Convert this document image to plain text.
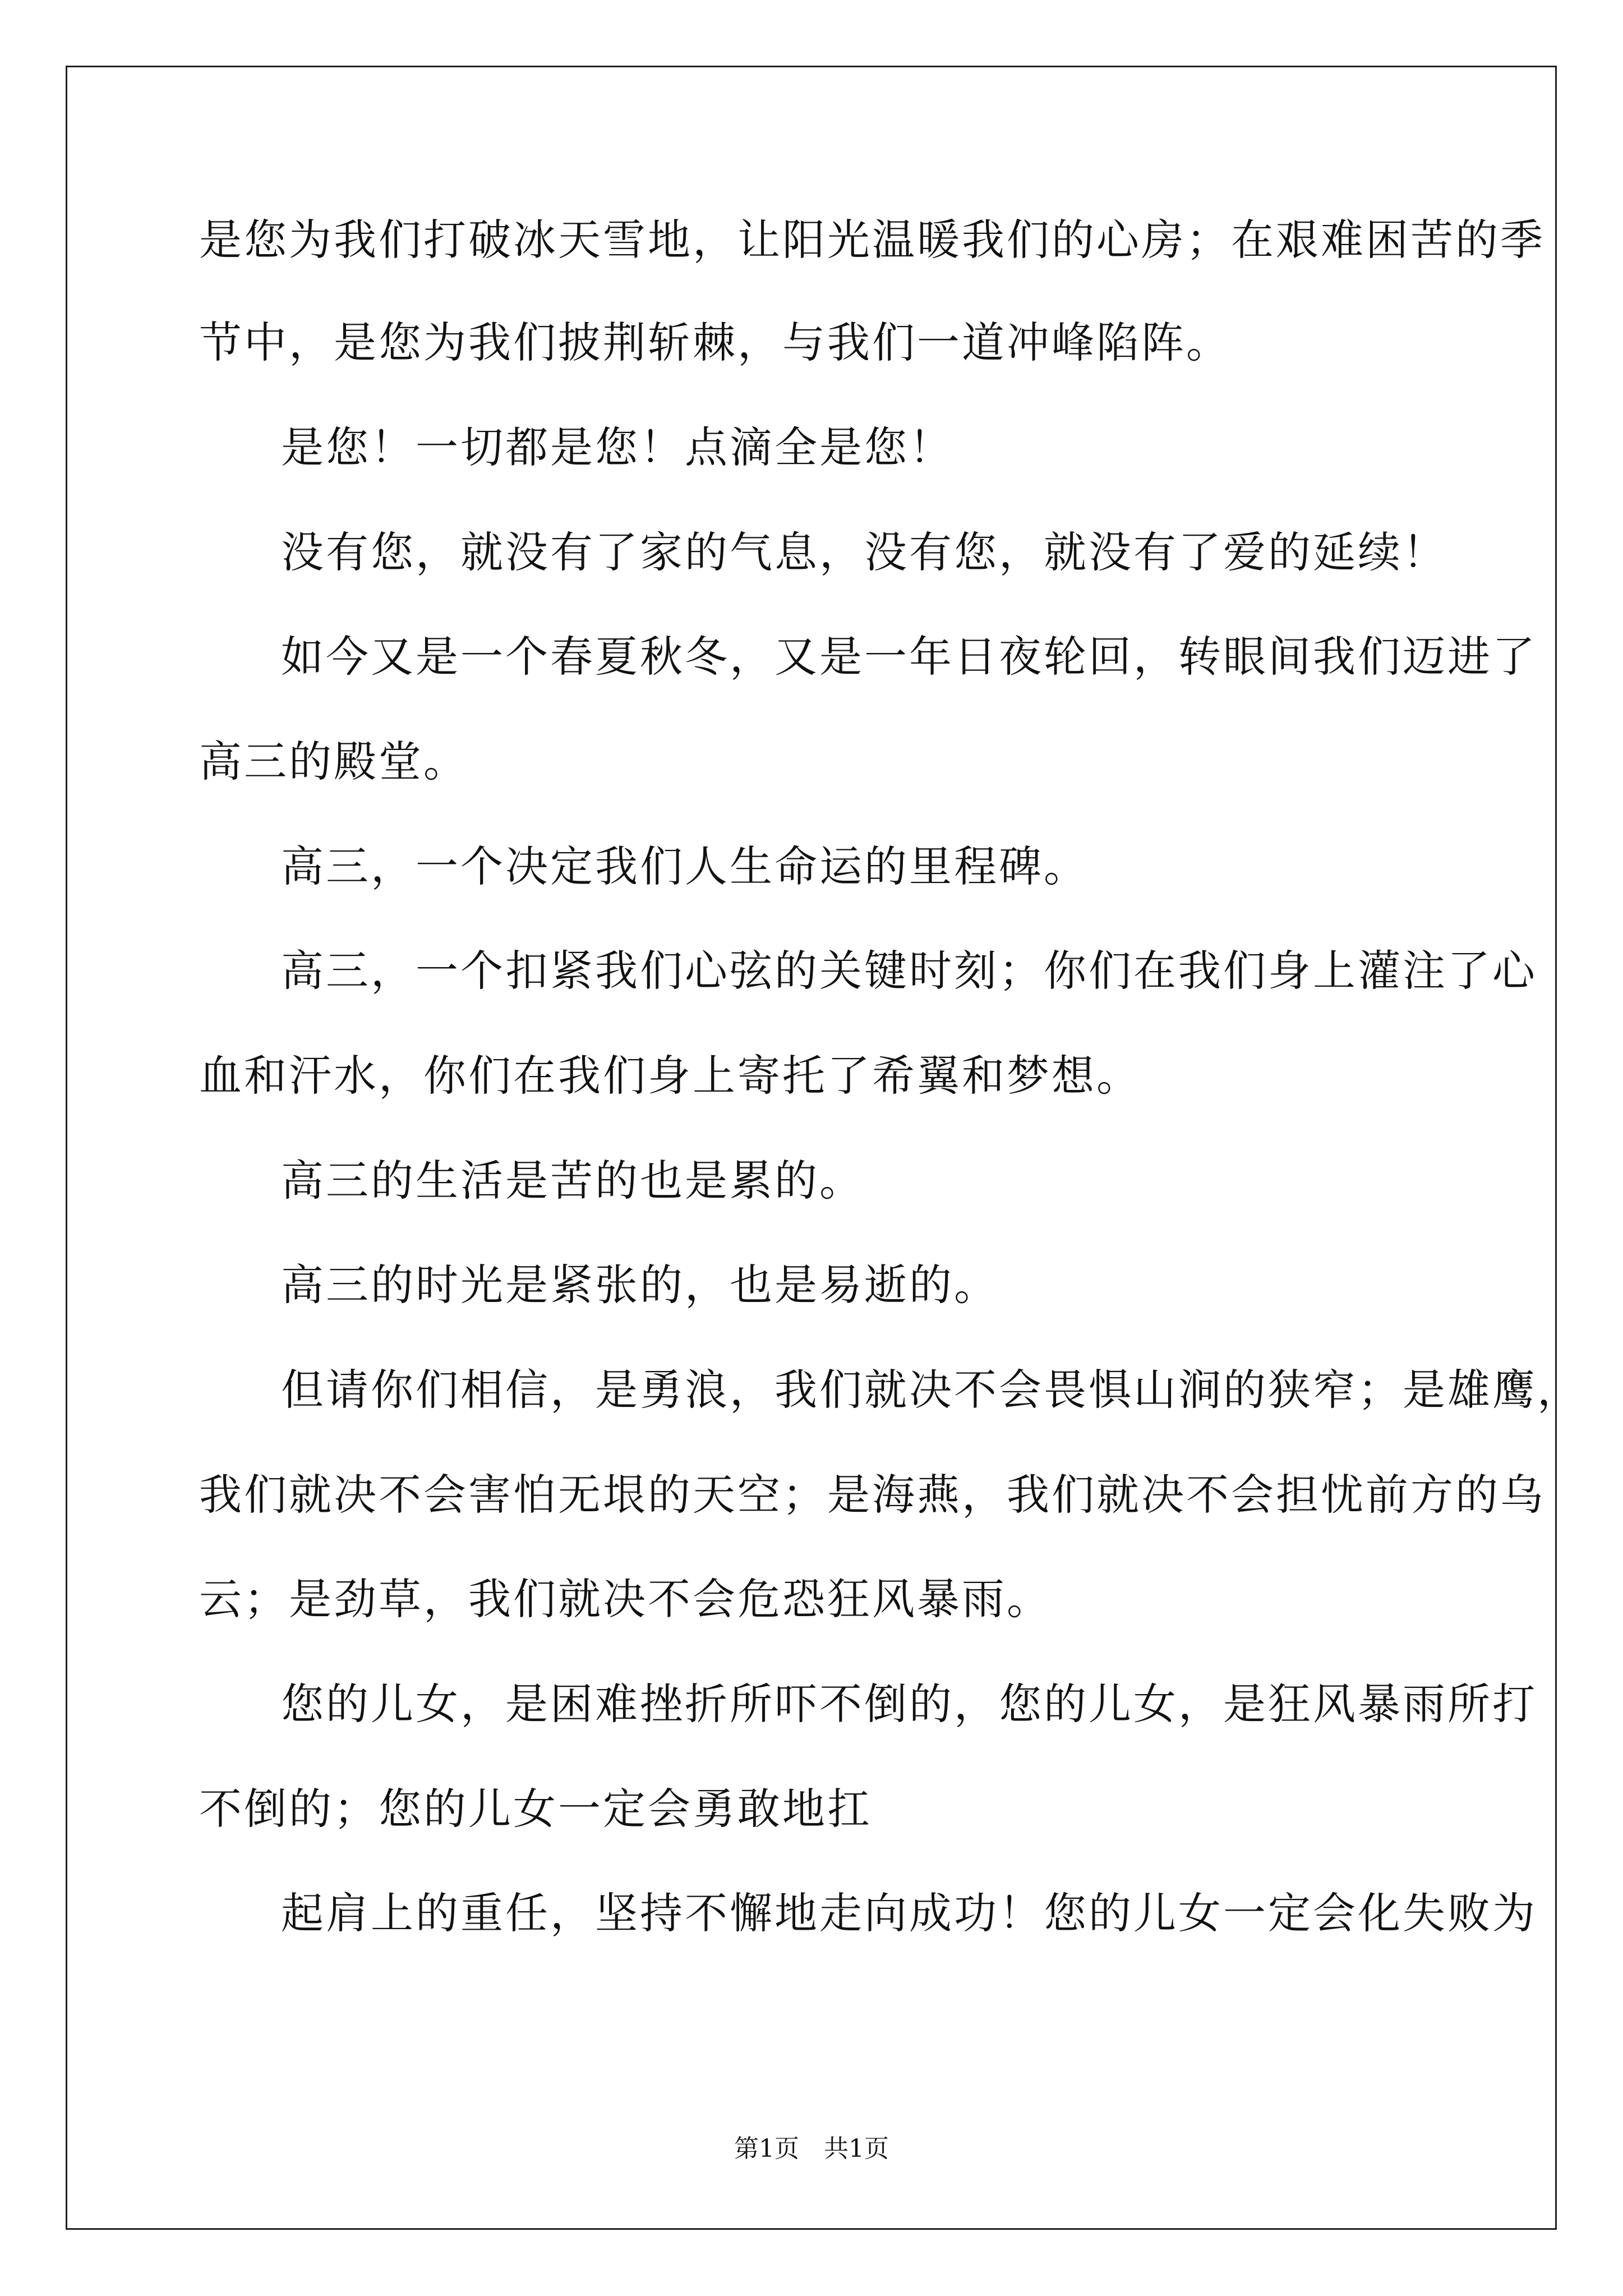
是您为我们打破冰天雪地，让阳光温暖我们的心房；在艰难困苦的季
节中，是您为我们披荆斩棘，与我们一道冲峰陷阵。
是您！一切都是您！点滴全是您！
没有您，就没有了家的气息，没有您，就没有了爱的延续！
如今又是一个春夏秋冬，又是一年日夜轮回，转眼间我们迈进了
高三的殿堂。
高三，一个决定我们人生命运的里程碑。
高三，一个扣紧我们心弦的关键时刻；你们在我们身上灌注了心
血和汗水，你们在我们身上寄托了希翼和梦想。
高三的生活是苦的也是累的。
高三的时光是紧张的，也是易逝的。
但请你们相信，是勇浪，我们就决不会畏惧山涧的狭窄；是雄鹰，
我们就决不会害怕无垠的天空；是海燕，我们就决不会担忧前方的乌
云；是劲草，我们就决不会危恐狂风暴雨。
您的儿女，是困难挫折所吓不倒的，您的儿女，是狂风暴雨所打
不倒的；您的儿女一定会勇敢地扛
起肩上的重任，坚持不懈地走向成功！您的儿女一定会化失败为
第1页　共1页
